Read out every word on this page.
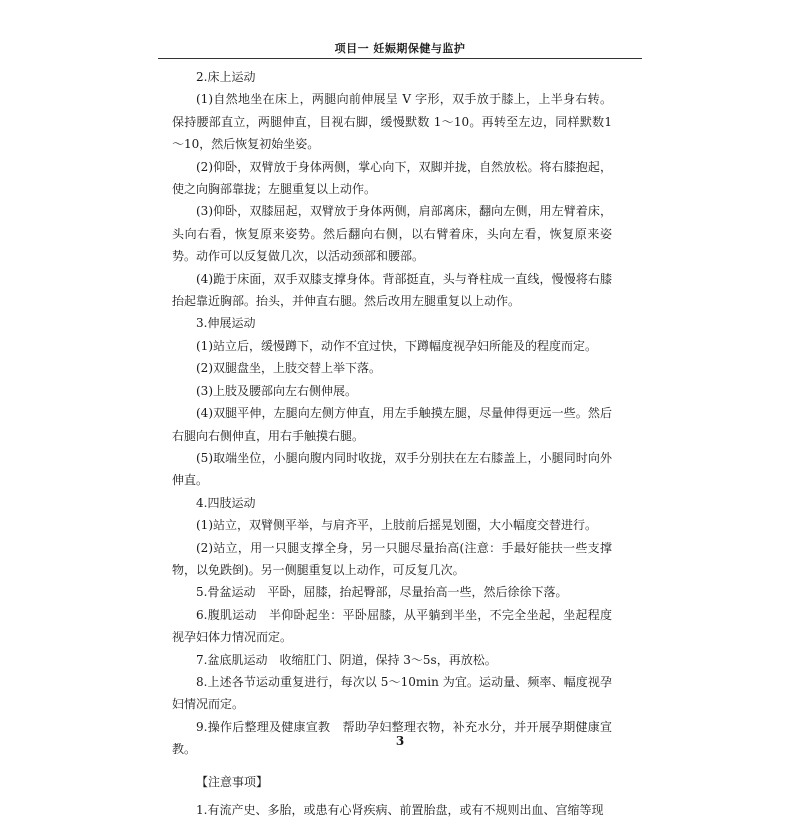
项目一 妊娠期保健与监护

2.床上运动

(1)自然地坐在床上，两腿向前伸展呈 V 字形，双手放于膝上，上半身右转。保持腰部直立，两腿伸直，目视右脚，缓慢默数 1～10。再转至左边，同样默数1～10，然后恢复初始坐姿。

(2)仰卧，双臂放于身体两侧，掌心向下，双脚并拢，自然放松。将右膝抱起，使之向胸部靠拢；左腿重复以上动作。

(3)仰卧，双膝屈起，双臂放于身体两侧，肩部离床，翻向左侧，用左臂着床，头向右看，恢复原来姿势。然后翻向右侧，以右臂着床，头向左看，恢复原来姿势。动作可以反复做几次，以活动颈部和腰部。

(4)跪于床面，双手双膝支撑身体。背部挺直，头与脊柱成一直线，慢慢将右膝抬起靠近胸部。抬头，并伸直右腿。然后改用左腿重复以上动作。

3.伸展运动

(1)站立后，缓慢蹲下，动作不宜过快，下蹲幅度视孕妇所能及的程度而定。

(2)双腿盘坐，上肢交替上举下落。

(3)上肢及腰部向左右侧伸展。

(4)双腿平伸，左腿向左侧方伸直，用左手触摸左腿，尽量伸得更远一些。然后右腿向右侧伸直，用右手触摸右腿。

(5)取端坐位，小腿向腹内同时收拢，双手分别扶在左右膝盖上，小腿同时向外伸直。

4.四肢运动

(1)站立，双臂侧平举，与肩齐平，上肢前后摇晃划圈，大小幅度交替进行。

(2)站立，用一只腿支撑全身，另一只腿尽量抬高(注意：手最好能扶一些支撑物，以免跌倒)。另一侧腿重复以上动作，可反复几次。

5.骨盆运动　平卧，屈膝，抬起臀部，尽量抬高一些，然后徐徐下落。

6.腹肌运动　半仰卧起坐：平卧屈膝，从平躺到半坐，不完全坐起，坐起程度视孕妇体力情况而定。

7.盆底肌运动　收缩肛门、阴道，保持 3～5s，再放松。

8.上述各节运动重复进行，每次以 5～10min 为宜。运动量、频率、幅度视孕妇情况而定。

9.操作后整理及健康宣教　帮助孕妇整理衣物，补充水分，并开展孕期健康宣教。

【注意事项】

1.有流产史、多胎，或患有心肾疾病、前置胎盘，或有不规则出血、宫缩等现

3
